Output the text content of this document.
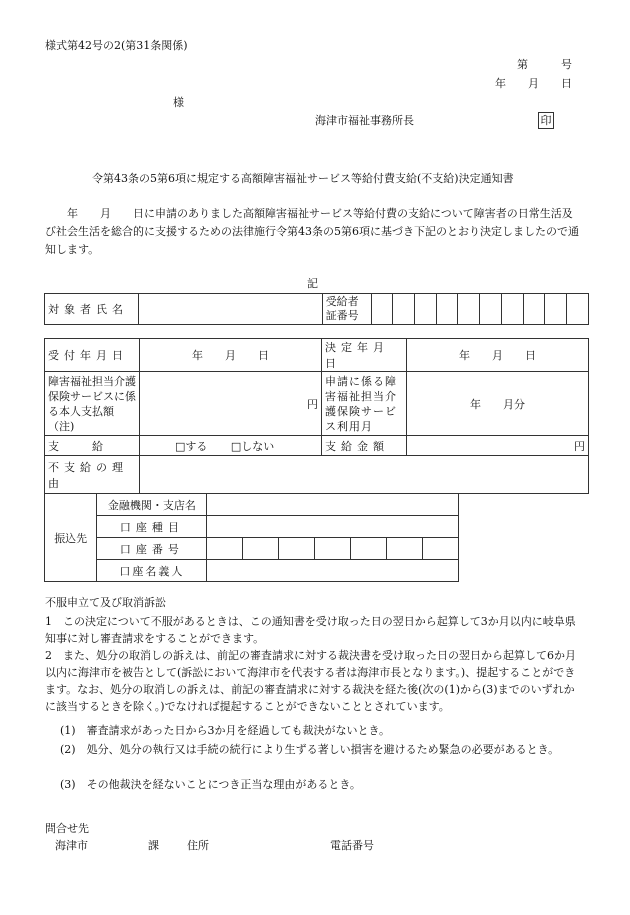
様式第42号の2(第31条関係)
第　　　号
年　　月　　日
様
海津市福祉事務所長	印
令第43条の5第6項に規定する高額障害福祉サービス等給付費支給(不支給)決定通知書
　　年　　月　　日に申請のありました高額障害福祉サービス等給付費の支給について障害者の日常生活及び社会生活を総合的に支援するための法律施行令第43条の5第6項に基づき下記のとおり決定しましたので通知します。
記
対象者氏名		受給者
証番号										
受付年月日	年　　月　　日	決定年月日	年　　月　　日
障害福祉担当介護保険サービスに係る本人支払額（注)	円	申請に係る障害福祉担当介護保険サービス利用月	年　　月分
支　　　給	□する □しない	支給金額	円
不支給の理由			
振込先	金融機関・支店名							
	口座種目							
	口座番号							
	口座名義人							
不服申立て及び取消訴訟
1　この決定について不服があるときは、この通知書を受け取った日の翌日から起算して3か月以内に岐阜県知事に対し審査請求をすることができます。
2　また、処分の取消しの訴えは、前記の審査請求に対する裁決書を受け取った日の翌日から起算して6か月以内に海津市を被告として(訴訟において海津市を代表する者は海津市長となります。)、提起することができます。なお、処分の取消しの訴えは、前記の審査請求に対する裁決を経た後(次の(1)から(3)までのいずれかに該当するときを除く。)でなければ提起することができないこととされています。
(1)　審査請求があった日から3か月を経過しても裁決がないとき。
(2)　処分、処分の執行又は手続の続行により生ずる著しい損害を避けるため緊急の必要があるとき。
(3)　その他裁決を経ないことにつき正当な理由があるとき。
問合せ先
海津市	課	住所	電話番号
